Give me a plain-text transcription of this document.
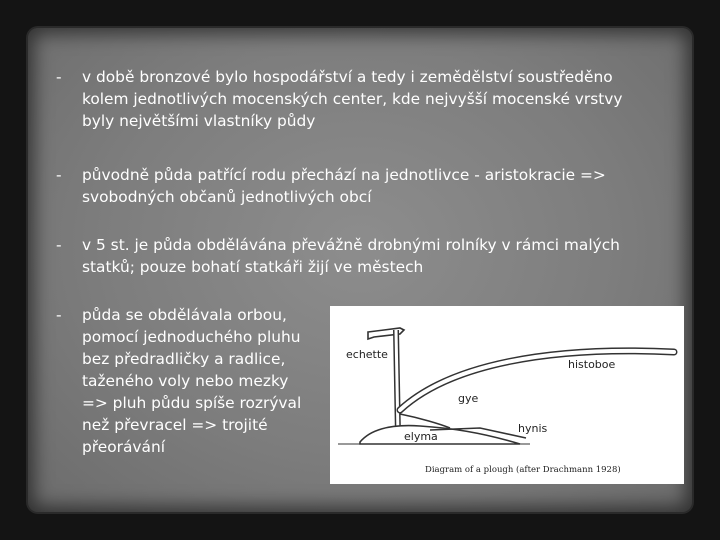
-	v době bronzové bylo hospodářství a tedy i zemědělství soustředěno
kolem jednotlivých mocenských center, kde nejvyšší mocenské vrstvy
byly největšími vlastníky půdy
-	původně půda patřící rodu přechází na jednotlivce - aristokracie =>
svobodných občanů jednotlivých obcí
-	v 5 st. je půda obdělávána převážně drobnými rolníky v rámci malých
statků; pouze bohatí statkáři žijí ve městech
-	půda se obdělávala orbou,
pomocí jednoduchého pluhu
bez předradličky a radlice,
taženého voly nebo mezky
=> pluh půdu spíše rozrýval
než převracel => trojité
přeorávání
echette
histoboe
gye
hynis
elyma
Diagram of a plough (after Drachmann 1928)
